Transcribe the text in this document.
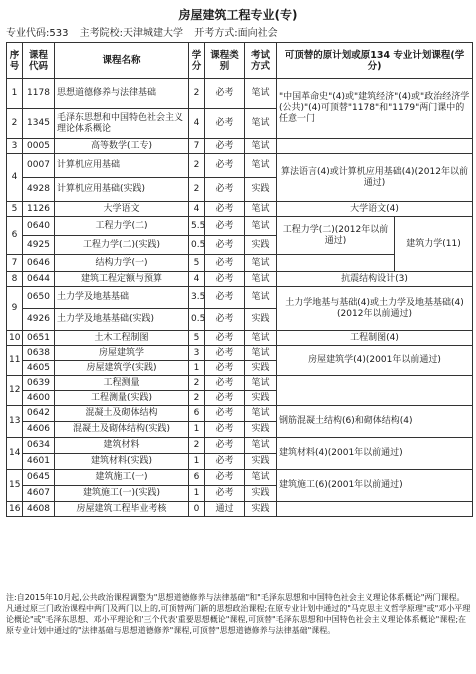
房屋建筑工程专业(专)
专业代码:533 主考院校:天津城建大学 开考方式:面向社会
序号	课程代码	课程名称	学分	课程类别	考试方式	可顶替的原计划或原134 专业计划课程(学分)	
1	1178	思想道德修养与法律基础	2	必考	笔试	"中国革命史"(4)或"建筑经济"(4)或"政治经济学(公共)"(4)可顶替"1178"和"1179"两门课中的任意一门	
2	1345	毛泽东思想和中国特色社会主义理论体系概论	4	必考	笔试		
3	0005	高等数学(工专)	7	必考	笔试		
4	0007	计算机应用基础	2	必考	笔试	算法语言(4)或计算机应用基础(4)(2012年以前通过)	
	4928	计算机应用基础(实践)	2	必考	实践		
5	1126	大学语文	4	必考	笔试	大学语文(4)	
6	0640	工程力学(二)	5.5	必考	笔试	工程力学(二)(2012年以前通过)	建筑力学(11)
	4925	工程力学(二)(实践)	0.5	必考	实践		
7	0646	结构力学(一)	5	必考	笔试		
8	0644	建筑工程定额与预算	4	必考	笔试	抗震结构设计(3)	
9	0650	土力学及地基基础	3.5	必考	笔试	土力学地基与基础(4)或土力学及地基基础(4)(2012年以前通过)	
	4926	土力学及地基基础(实践)	0.5	必考	实践		
10	0651	土木工程制图	5	必考	笔试	工程制图(4)	
11	0638	房屋建筑学	3	必考	笔试	房屋建筑学(4)(2001年以前通过)	
	4605	房屋建筑学(实践)	1	必考	实践		
12	0639	工程测量	2	必考	笔试		
	4600	工程测量(实践)	2	必考	实践		
13	0642	混凝土及砌体结构	6	必考	笔试	钢筋混凝土结构(6)和砌体结构(4)	
	4606	混凝土及砌体结构(实践)	1	必考	实践		
14	0634	建筑材料	2	必考	笔试	建筑材料(4)(2001年以前通过)	
	4601	建筑材料(实践)	1	必考	实践		
15	0645	建筑施工(一)	6	必考	笔试	建筑施工(6)(2001年以前通过)	
	4607	建筑施工(一)(实践)	1	必考	实践		
16	4608	房屋建筑工程毕业考核	0	通过	实践		
注:自2015年10月起,公共政治课程调整为"思想道德修养与法律基础"和"毛泽东思想和中国特色社会主义理论体系概论"两门课程。凡通过原三门政治课程中两门及两门以上的,可顶替两门新的思想政治课程;在原专业计划中通过的"马克思主义哲学原理"或"邓小平理论概论"或"毛泽东思想、邓小平理论和'三个代表'重要思想概论"课程,可顶替"毛泽东思想和中国特色社会主义理论体系概论"课程;在原专业计划中通过的"法律基础与思想道德修养"课程,可顶替"思想道德修养与法律基础"课程。
